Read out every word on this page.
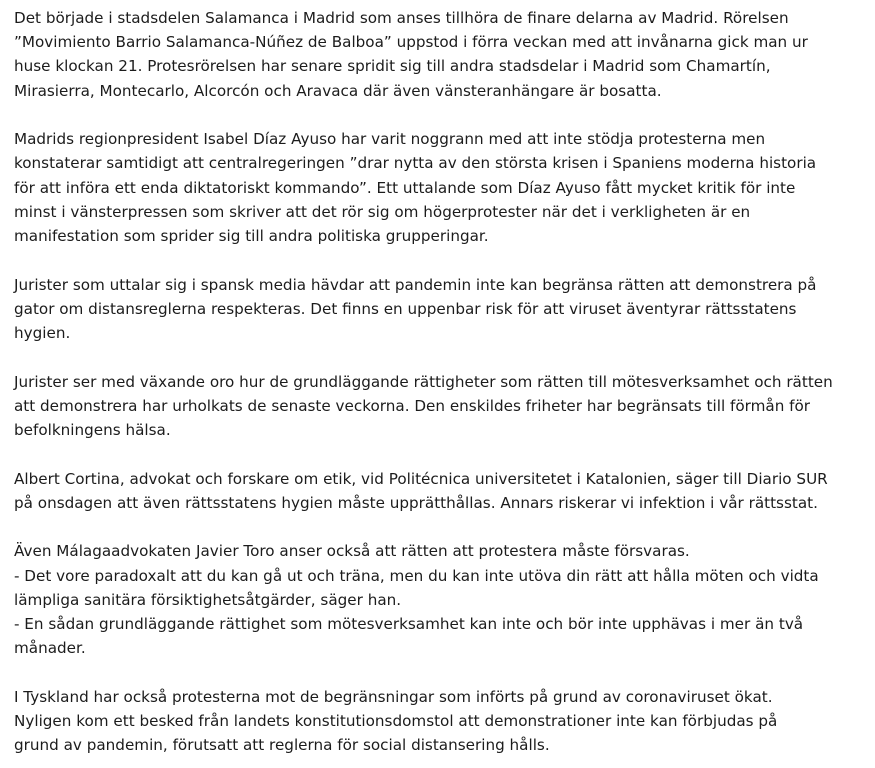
Det började i stadsdelen Salamanca i Madrid som anses tillhöra de finare delarna av Madrid. Rörelsen
”Movimiento Barrio Salamanca-Núñez de Balboa” uppstod i förra veckan med att invånarna gick man ur
huse klockan 21. Protesrörelsen har senare spridit sig till andra stadsdelar i Madrid som Chamartín,
Mirasierra, Montecarlo, Alcorcón och Aravaca där även vänsteranhängare är bosatta.

Madrids regionpresident Isabel Díaz Ayuso har varit noggrann med att inte stödja protesterna men
konstaterar samtidigt att centralregeringen ”drar nytta av den största krisen i Spaniens moderna historia
för att införa ett enda diktatoriskt kommando”. Ett uttalande som Díaz Ayuso fått mycket kritik för inte
minst i vänsterpressen som skriver att det rör sig om högerprotester när det i verkligheten är en
manifestation som sprider sig till andra politiska grupperingar.

Jurister som uttalar sig i spansk media hävdar att pandemin inte kan begränsa rätten att demonstrera på
gator om distansreglerna respekteras. Det finns en uppenbar risk för att viruset äventyrar rättsstatens
hygien.

Jurister ser med växande oro hur de grundläggande rättigheter som rätten till mötesverksamhet och rätten
att demonstrera har urholkats de senaste veckorna. Den enskildes friheter har begränsats till förmån för
befolkningens hälsa.

Albert Cortina, advokat och forskare om etik, vid Politécnica universitetet i Katalonien, säger till Diario SUR
på onsdagen att även rättsstatens hygien måste upprätthållas. Annars riskerar vi infektion i vår rättsstat.

Även Málagaadvokaten Javier Toro anser också att rätten att protestera måste försvaras.
- Det vore paradoxalt att du kan gå ut och träna, men du kan inte utöva din rätt att hålla möten och vidta
lämpliga sanitära försiktighetsåtgärder, säger han.
- En sådan grundläggande rättighet som mötesverksamhet kan inte och bör inte upphävas i mer än två
månader.

I Tyskland har också protesterna mot de begränsningar som införts på grund av coronaviruset ökat.
Nyligen kom ett besked från landets konstitutionsdomstol att demonstrationer inte kan förbjudas på
grund av pandemin, förutsatt att reglerna för social distansering hålls.
